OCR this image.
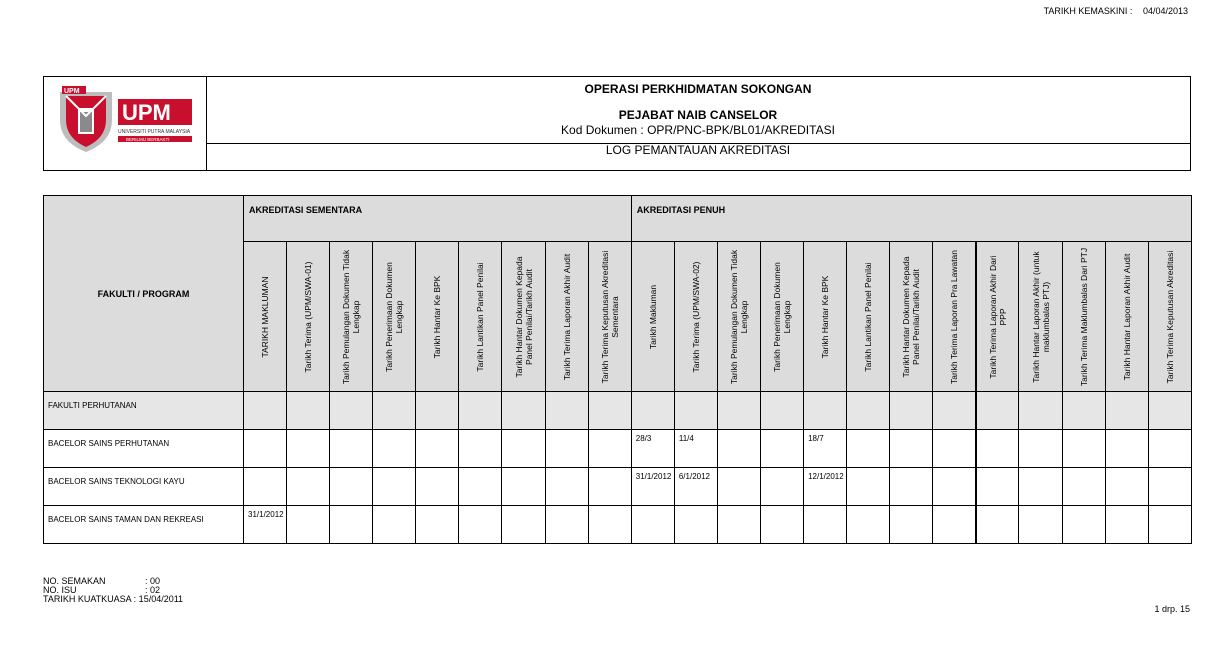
TARIKH KEMASKINI : 04/04/2013
UPM
UPM
UNIVERSITI PUTRA MALAYSIA
BERILMU BERBAKTI
OPERASI PERKHIDMATAN SOKONGAN
PEJABAT NAIB CANSELOR
Kod Dokumen : OPR/PNC-BPK/BL01/AKREDITASI
LOG PEMANTAUAN AKREDITASI
FAKULTI / PROGRAM	AKREDITASI SEMENTARA									AKREDITASI PENUH												

	TARIKH MAKLUMAN	Tarikh Terima (UPM/SWA-01)	Tarikh Pemulangan Dokumen Tidak Lengkap	Tarikh Penerimaan Dokumen Lengkap	Tarikh Hantar Ke BPK	Tarikh Lantikan Panel Penilai	Tarikh Hantar Dokumen Kepada Panel Penilai/Tarikh Audit	Tarikh Terima Laporan Akhir Audit	Tarikh Terima Keputusan Akreditasi Sementara	Tarikh Makluman	Tarikh Terima (UPM/SWA-02)	Tarikh Pemulangan Dokumen Tidak Lengkap	Tarikh Penerimaan Dokumen Lengkap	Tarikh Hantar Ke BPK	Tarikh Lantikan Panel Penilai	Tarikh Hantar Dokumen Kepada Panel Penilai/Tarikh Audit	Tarikh Terima Laporan Pra Lawatan	Tarikh Terima Laporan Akhir Dari PPP	Tarikh Hantar Laporan Akhir (untuk maklumbalas PTJ)	Tarikh Terima Maklumbalas Dari PTJ	Tarikh Hantar Laporan Akhir Audit	Tarikh Terima Keputusan Akreditasi

FAKULTI PERHUTANAN																						
BACELOR SAINS PERHUTANAN										28/3	11/4			18/7								
BACELOR SAINS TEKNOLOGI KAYU										31/1/2012	6/1/2012			12/1/2012								
BACELOR SAINS TAMAN DAN REKREASI	31/1/2012																					
NO. SEMAKAN	: 00
NO. ISU	: 02
TARIKH KUATKUASA : 15/04/2011
1 drp. 15
